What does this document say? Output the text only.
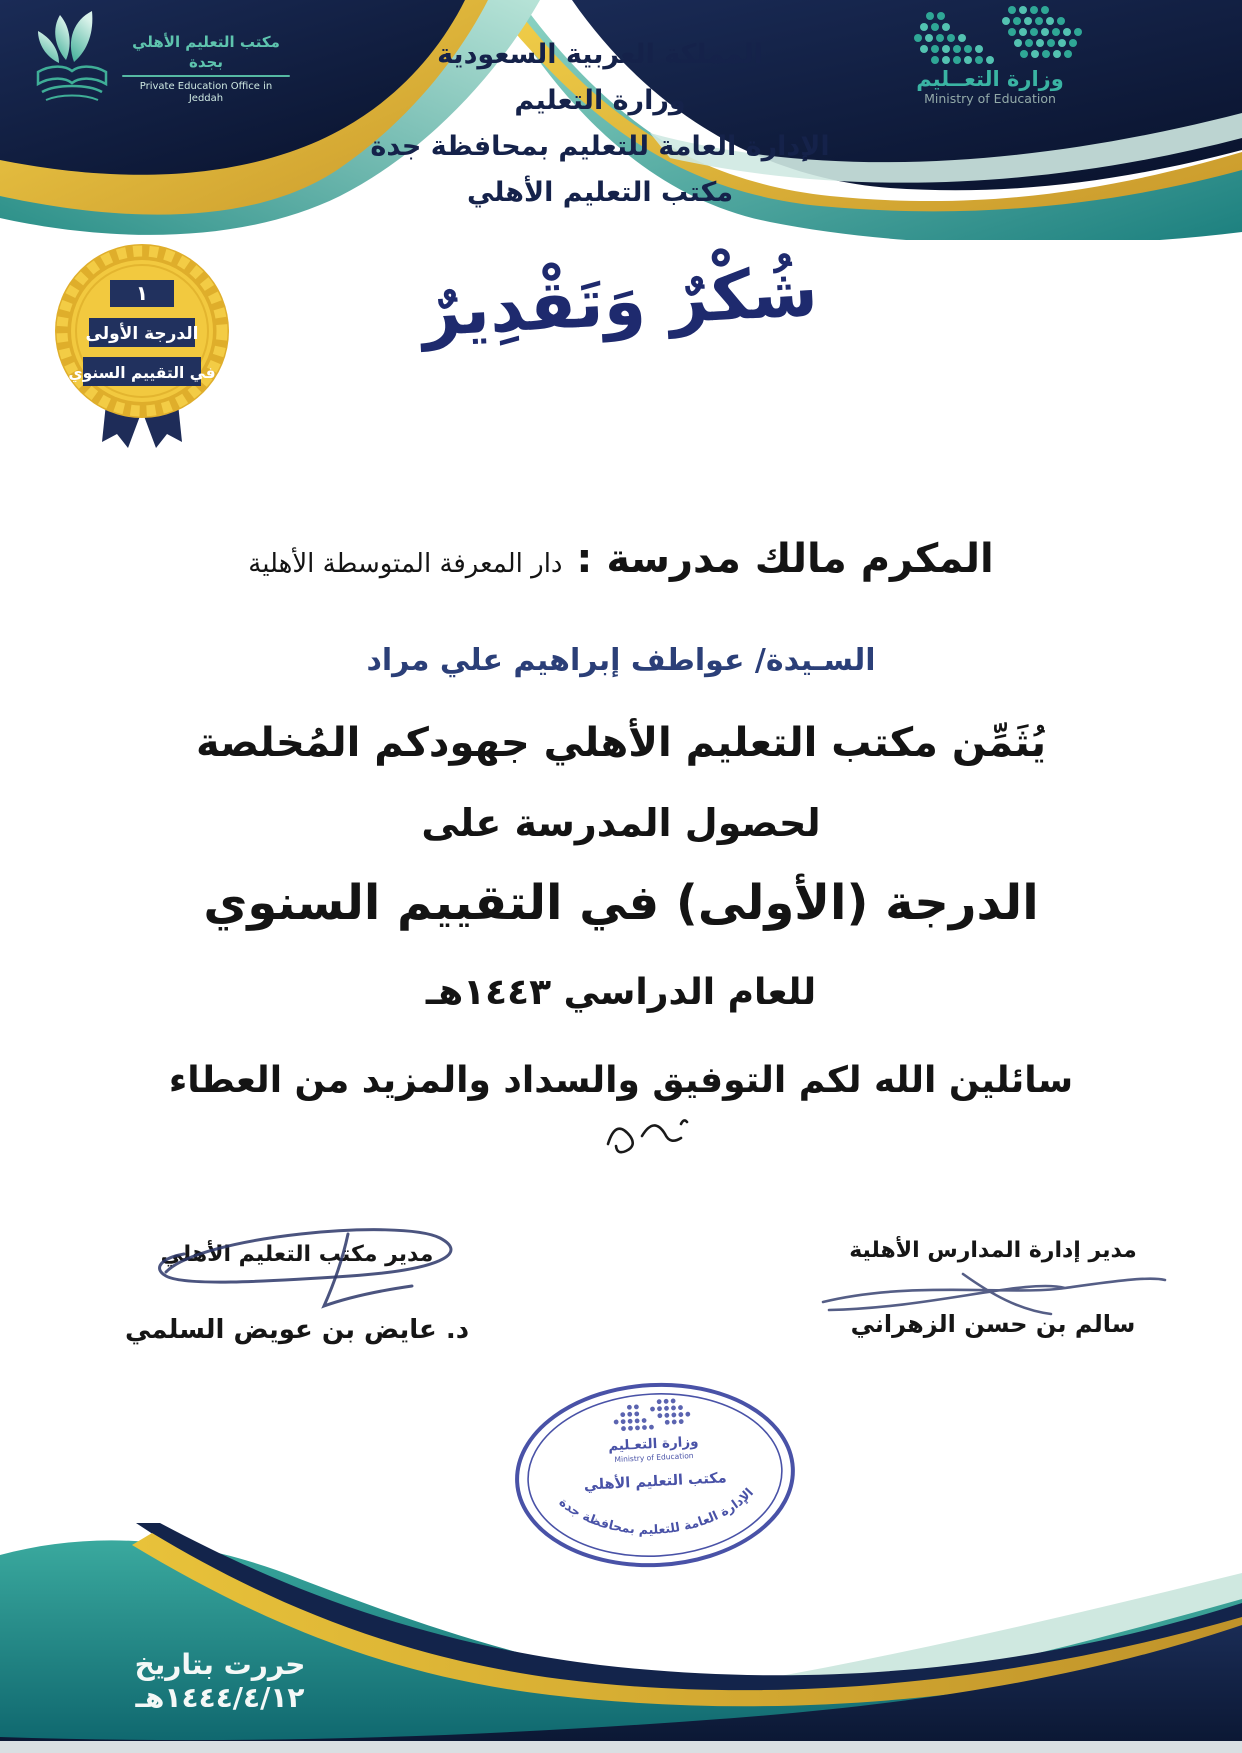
مكتب التعليم الأهلي بجدة
Private Education Office in Jeddah
وزارة التعــليم
Ministry of Education
المملكة العربية السعودية
وزارة التعليم
الإدارة العامة للتعليم بمحافظة جدة
مكتب التعليم الأهلي
١
الدرجة الأولى
في التقييم السنوي
شُكْرٌ وَتَقْدِيرٌ
المكرم مالك مدرسة : دار المعرفة المتوسطة الأهلية
السـيدة/ عواطف إبراهيم علي مراد
يُثَمِّن مكتب التعليم الأهلي جهودكم المُخلصة
لحصول المدرسة على
الدرجة (الأولى) في التقييم السنوي
للعام الدراسي ١٤٤٣هـ
سائلين الله لكم التوفيق والسداد والمزيد من العطاء
مدير مكتب التعليم الأهلي
د. عايض بن عويض السلمي
مدير إدارة المدارس الأهلية
سالم بن حسن الزهراني
وزارة التعـليم
Ministry of Education
مكتب التعليم الأهلي
الإدارة العامة للتعليم بمحافظة جدة
حررت بتاريخ ١٤٤٤/٤/١٢هـ
